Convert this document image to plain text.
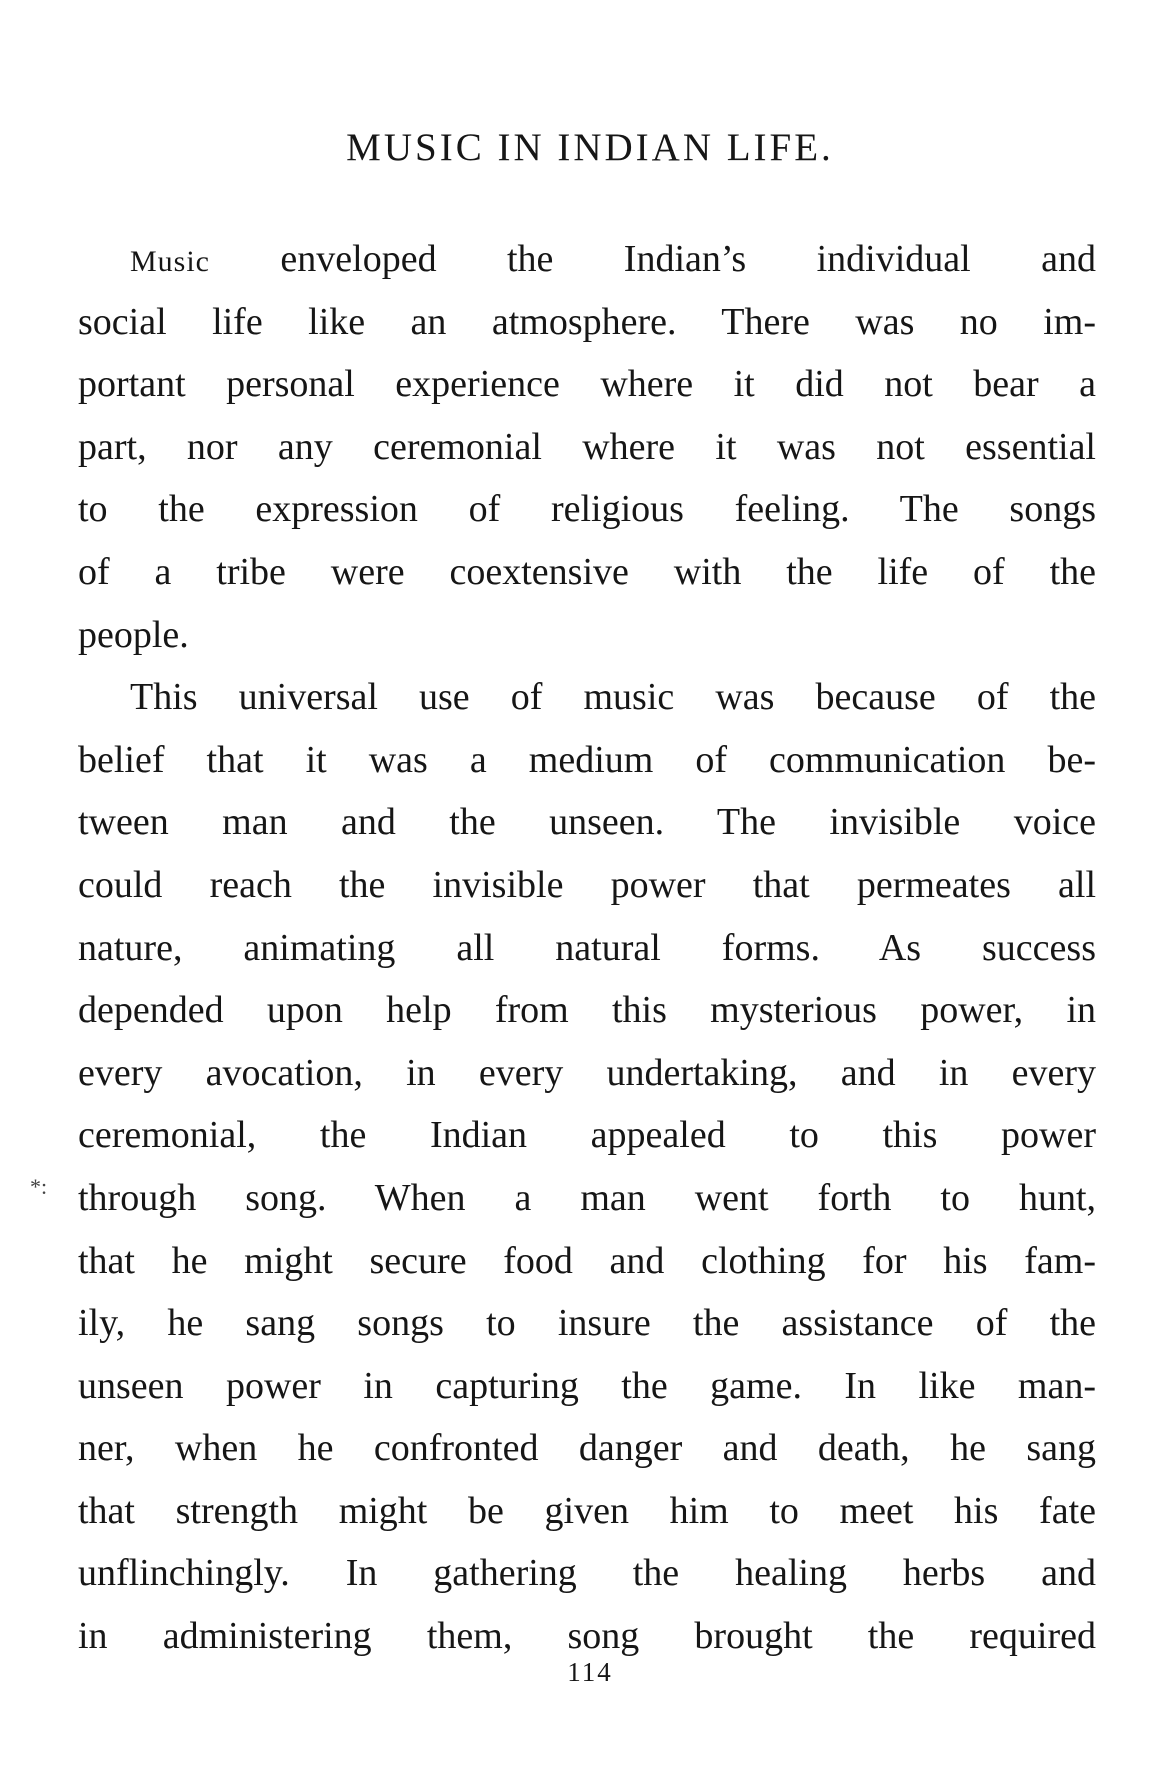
MUSIC IN INDIAN LIFE.
Music enveloped the Indian’s individual and
social life like an atmosphere. There was no im-
portant personal experience where it did not bear a
part, nor any ceremonial where it was not essential
to the expression of religious feeling. The songs
of a tribe were coextensive with the life of the
people.
This universal use of music was because of the
belief that it was a medium of communication be-
tween man and the unseen. The invisible voice
could reach the invisible power that permeates all
nature, animating all natural forms. As success
depended upon help from this mysterious power, in
every avocation, in every undertaking, and in every
ceremonial, the Indian appealed to this power
through song. When a man went forth to hunt,
that he might secure food and clothing for his fam-
ily, he sang songs to insure the assistance of the
unseen power in capturing the game. In like man-
ner, when he confronted danger and death, he sang
that strength might be given him to meet his fate
unflinchingly. In gathering the healing herbs and
in administering them, song brought the required
*:
114
